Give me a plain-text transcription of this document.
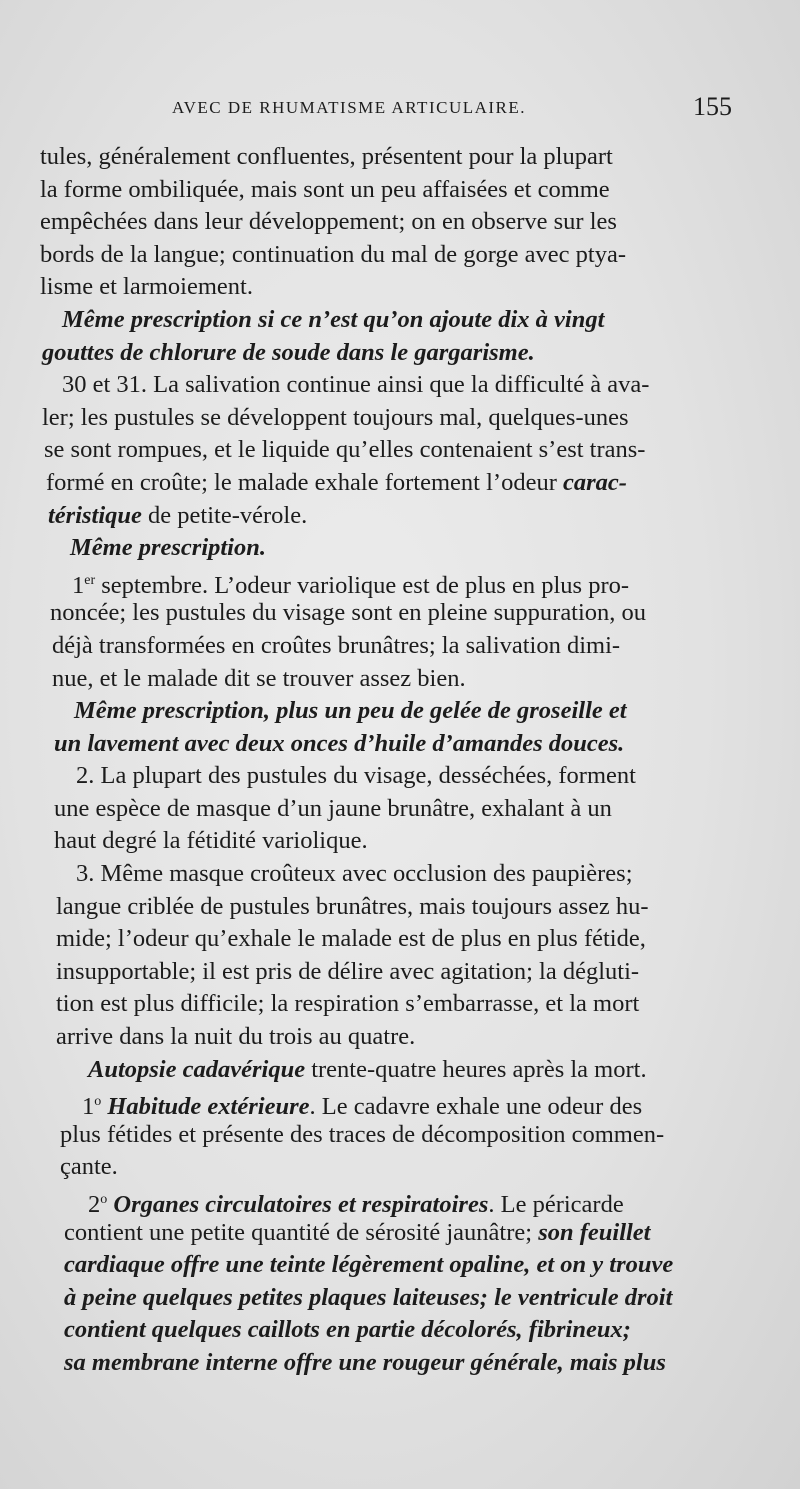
AVEC DE RHUMATISME ARTICULAIRE.	155
tules, généralement confluentes, présentent pour la plupart
la forme ombiliquée, mais sont un peu affaisées et comme
empêchées dans leur développement; on en observe sur les
bords de la langue; continuation du mal de gorge avec ptya-
lisme et larmoiement.
Même prescription si ce n’est qu’on ajoute dix à vingt
gouttes de chlorure de soude dans le gargarisme.
30 et 31. La salivation continue ainsi que la difficulté à ava-
ler; les pustules se développent toujours mal, quelques-unes
se sont rompues, et le liquide qu’elles contenaient s’est trans-
formé en croûte; le malade exhale fortement l’odeur carac-
téristique de petite-vérole.
Même prescription.
1er septembre. L’odeur variolique est de plus en plus pro-
noncée; les pustules du visage sont en pleine suppuration, ou
déjà transformées en croûtes brunâtres; la salivation dimi-
nue, et le malade dit se trouver assez bien.
Même prescription, plus un peu de gelée de groseille et
un lavement avec deux onces d’huile d’amandes douces.
2. La plupart des pustules du visage, desséchées, forment
une espèce de masque d’un jaune brunâtre, exhalant à un
haut degré la fétidité variolique.
3. Même masque croûteux avec occlusion des paupières;
langue criblée de pustules brunâtres, mais toujours assez hu-
mide; l’odeur qu’exhale le malade est de plus en plus fétide,
insupportable; il est pris de délire avec agitation; la dégluti-
tion est plus difficile; la respiration s’embarrasse, et la mort
arrive dans la nuit du trois au quatre.
Autopsie cadavérique trente-quatre heures après la mort.
1$^o$ Habitude extérieure. Le cadavre exhale une odeur des
plus fétides et présente des traces de décomposition commen-
çante.
2$^o$ Organes circulatoires et respiratoires. Le péricarde
contient une petite quantité de sérosité jaunâtre; son feuillet
cardiaque offre une teinte légèrement opaline, et on y trouve
à peine quelques petites plaques laiteuses; le ventricule droit
contient quelques caillots en partie décolorés, fibrineux;
sa membrane interne offre une rougeur générale, mais plus
